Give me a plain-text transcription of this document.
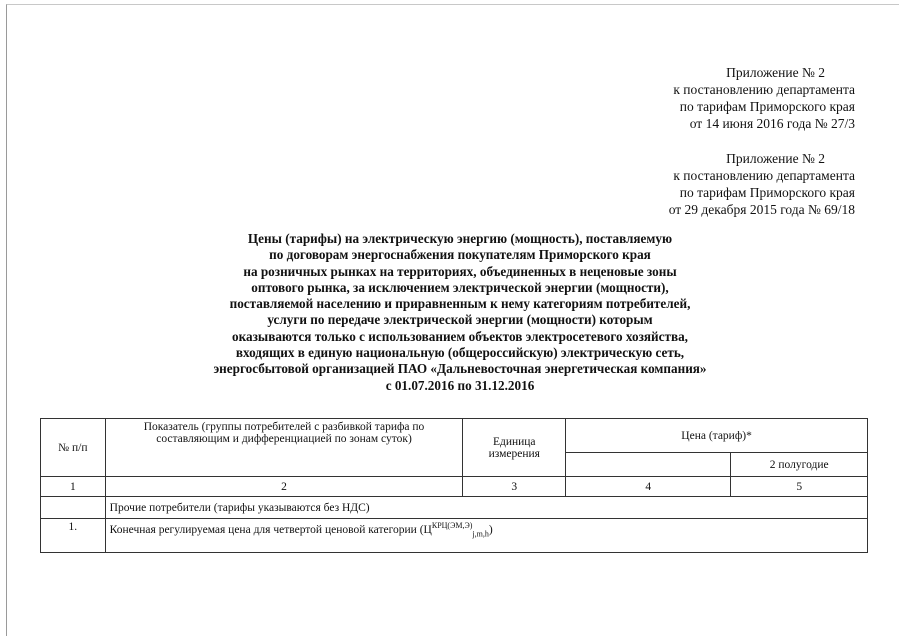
Приложение № 2
к постановлению департамента
по тарифам Приморского края
от 14 июня 2016 года № 27/3
Приложение № 2
к постановлению департамента
по тарифам Приморского края
от 29 декабря 2015 года № 69/18
Цены (тарифы) на электрическую энергию (мощность), поставляемую
по договорам энергоснабжения покупателям Приморского края
на розничных рынках на территориях, объединенных в неценовые зоны
оптового рынка, за исключением электрической энергии (мощности),
поставляемой населению и приравненным к нему категориям потребителей,
услуги по передаче электрической энергии (мощности) которым
оказываются только с использованием объектов электросетевого хозяйства,
входящих в единую национальную (общероссийскую) электрическую сеть,
энергосбытовой организацией ПАО «Дальневосточная энергетическая компания»
с 01.07.2016 по 31.12.2016
№ п/п	Показатель (группы потребителей с разбивкой тарифа по составляющим и дифференциацией по зонам суток)	Единица измерения	Цена (тариф)*	
				2 полугодие
1	2	3	4	5
	Прочие потребители (тарифы указываются без НДС)			
1.	Конечная регулируемая цена для четвертой ценовой категории $(Ц^{КРЦ(ЭМ,Э)}_{j,m,h})$			
